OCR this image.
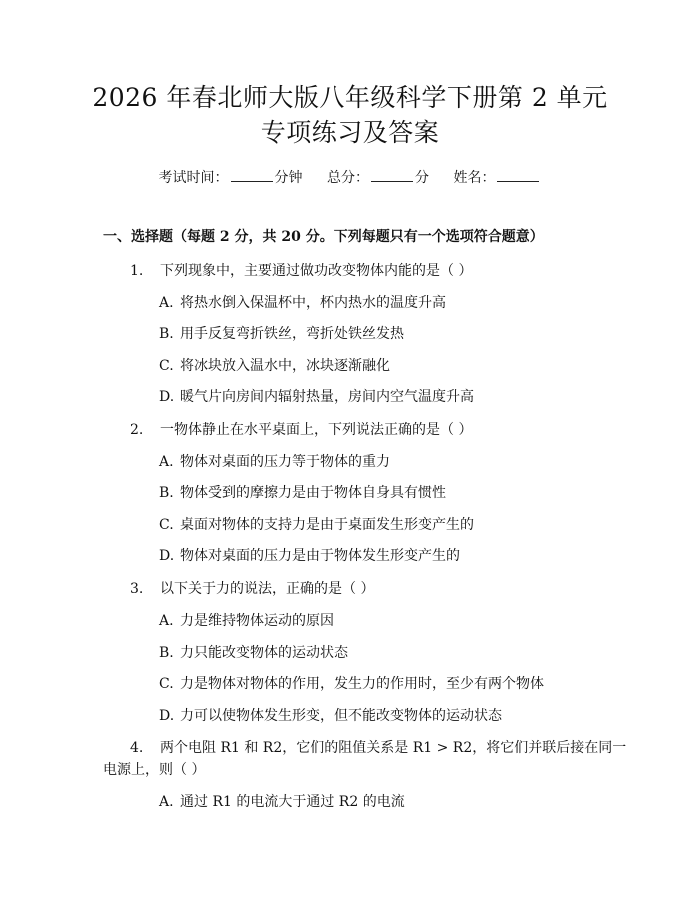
2026 年春北师大版八年级科学下册第 2 单元
专项练习及答案
考试时间：	分钟 总分：	分 姓名：
一、选择题（每题 2 分，共 20 分。下列每题只有一个选项符合题意）
1. 下列现象中，主要通过做功改变物体内能的是（ ）
A. 将热水倒入保温杯中，杯内热水的温度升高
B. 用手反复弯折铁丝，弯折处铁丝发热
C. 将冰块放入温水中，冰块逐渐融化
D. 暖气片向房间内辐射热量，房间内空气温度升高
2. 一物体静止在水平桌面上，下列说法正确的是（ ）
A. 物体对桌面的压力等于物体的重力
B. 物体受到的摩擦力是由于物体自身具有惯性
C. 桌面对物体的支持力是由于桌面发生形变产生的
D. 物体对桌面的压力是由于物体发生形变产生的
3. 以下关于力的说法，正确的是（ ）
A. 力是维持物体运动的原因
B. 力只能改变物体的运动状态
C. 力是物体对物体的作用，发生力的作用时，至少有两个物体
D. 力可以使物体发生形变，但不能改变物体的运动状态
4. 两个电阻 R1 和 R2，它们的阻值关系是 R1 > R2，将它们并联后接在同一
电源上，则（ ）
A. 通过 R1 的电流大于通过 R2 的电流
